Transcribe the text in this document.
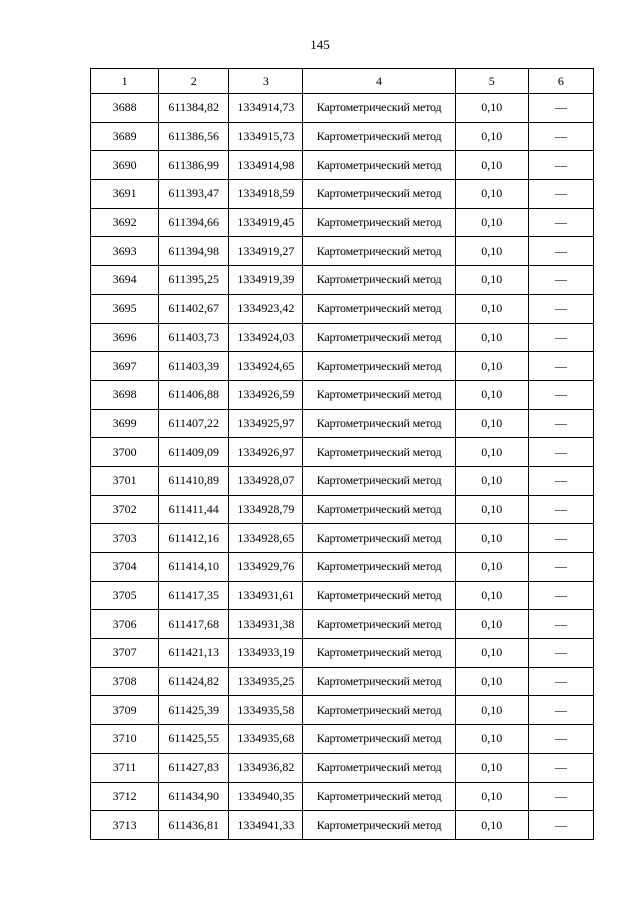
145
1	2	3	4	5	6
3688	611384,82	1334914,73	Картометрический метод	0,10	—
3689	611386,56	1334915,73	Картометрический метод	0,10	—
3690	611386,99	1334914,98	Картометрический метод	0,10	—
3691	611393,47	1334918,59	Картометрический метод	0,10	—
3692	611394,66	1334919,45	Картометрический метод	0,10	—
3693	611394,98	1334919,27	Картометрический метод	0,10	—
3694	611395,25	1334919,39	Картометрический метод	0,10	—
3695	611402,67	1334923,42	Картометрический метод	0,10	—
3696	611403,73	1334924,03	Картометрический метод	0,10	—
3697	611403,39	1334924,65	Картометрический метод	0,10	—
3698	611406,88	1334926,59	Картометрический метод	0,10	—
3699	611407,22	1334925,97	Картометрический метод	0,10	—
3700	611409,09	1334926,97	Картометрический метод	0,10	—
3701	611410,89	1334928,07	Картометрический метод	0,10	—
3702	611411,44	1334928,79	Картометрический метод	0,10	—
3703	611412,16	1334928,65	Картометрический метод	0,10	—
3704	611414,10	1334929,76	Картометрический метод	0,10	—
3705	611417,35	1334931,61	Картометрический метод	0,10	—
3706	611417,68	1334931,38	Картометрический метод	0,10	—
3707	611421,13	1334933,19	Картометрический метод	0,10	—
3708	611424,82	1334935,25	Картометрический метод	0,10	—
3709	611425,39	1334935,58	Картометрический метод	0,10	—
3710	611425,55	1334935,68	Картометрический метод	0,10	—
3711	611427,83	1334936,82	Картометрический метод	0,10	—
3712	611434,90	1334940,35	Картометрический метод	0,10	—
3713	611436,81	1334941,33	Картометрический метод	0,10	—
